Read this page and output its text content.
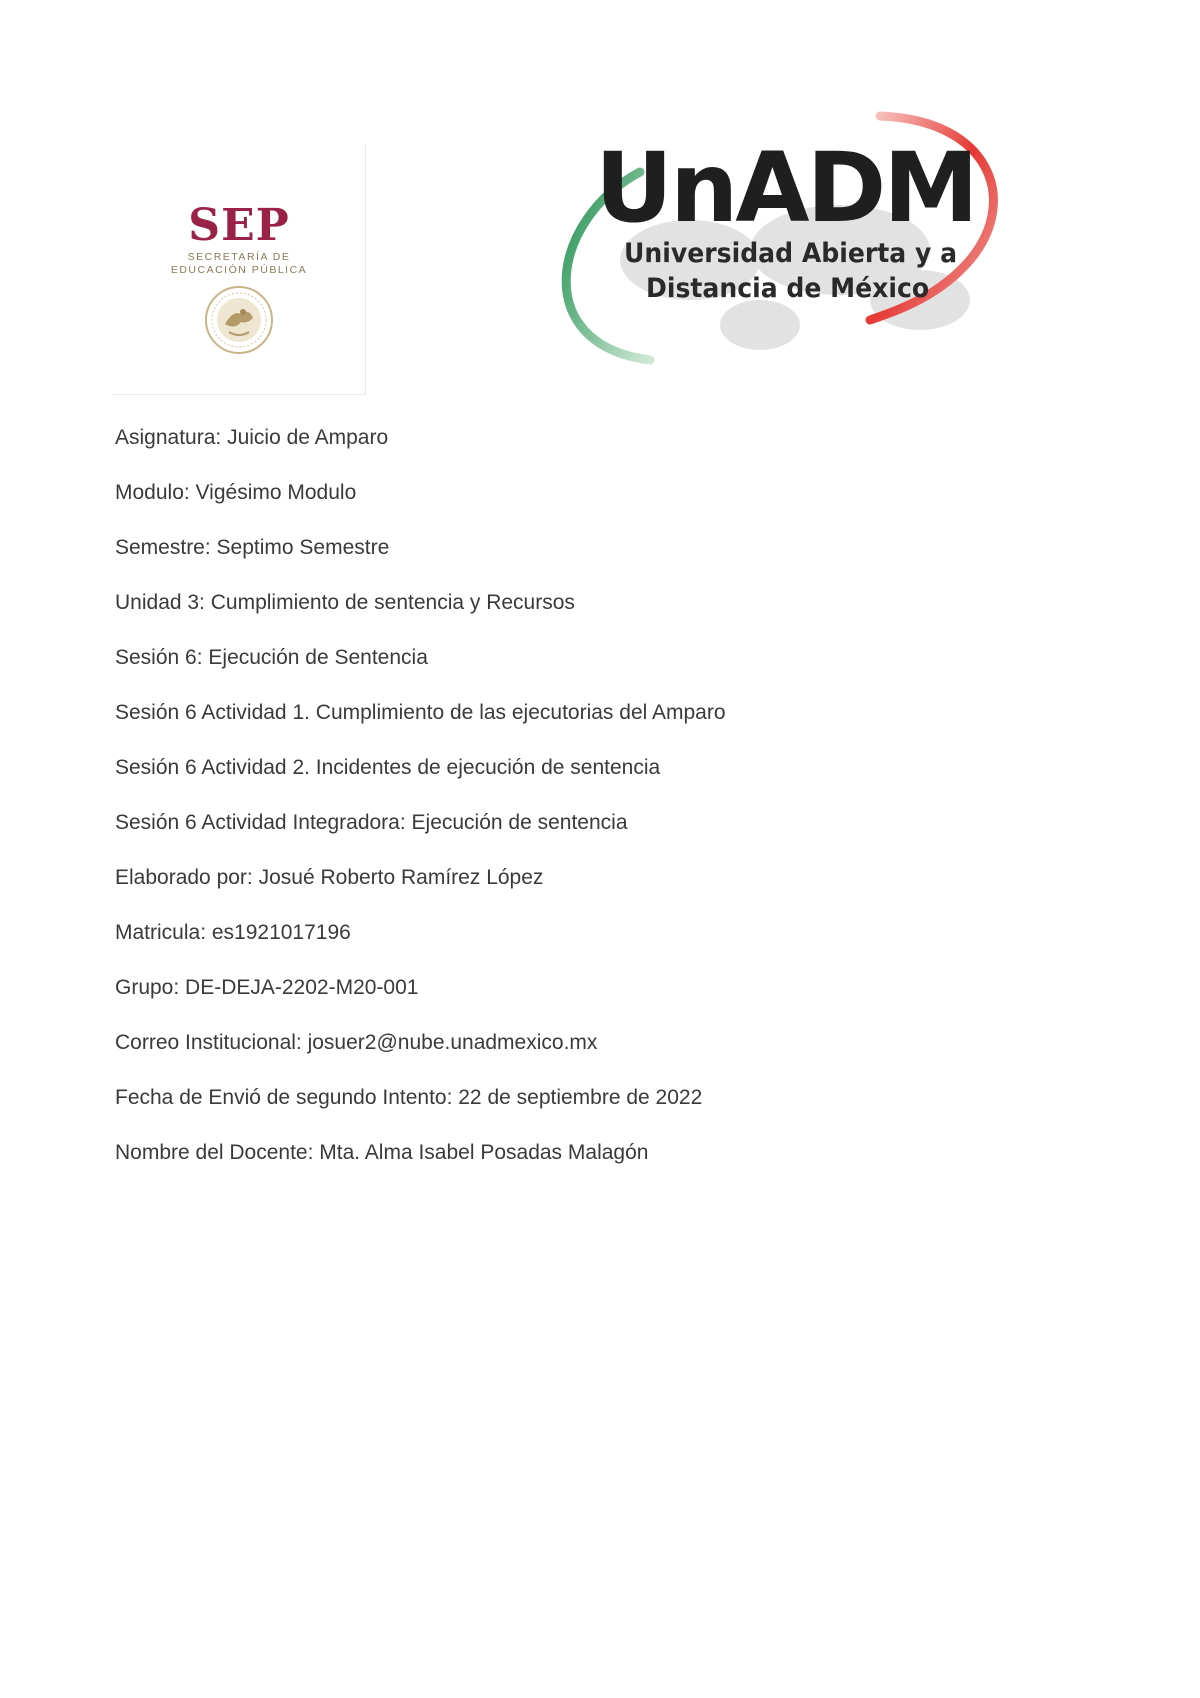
SEP
SECRETARÍA DE
EDUCACIÓN PÚBLICA
UnADM
Universidad Abierta y a
Distancia de México
Asignatura: Juicio de Amparo
Modulo: Vigésimo Modulo
Semestre: Septimo Semestre
Unidad 3: Cumplimiento de sentencia y Recursos
Sesión 6: Ejecución de Sentencia
Sesión 6 Actividad 1. Cumplimiento de las ejecutorias del Amparo
Sesión 6 Actividad 2. Incidentes de ejecución de sentencia
Sesión 6 Actividad Integradora: Ejecución de sentencia
Elaborado por: Josué Roberto Ramírez López
Matricula: es1921017196
Grupo: DE-DEJA-2202-M20-001
Correo Institucional: josuer2@nube.unadmexico.mx
Fecha de Envió de segundo Intento: 22 de septiembre de 2022
Nombre del Docente: Mta. Alma Isabel Posadas Malagón
